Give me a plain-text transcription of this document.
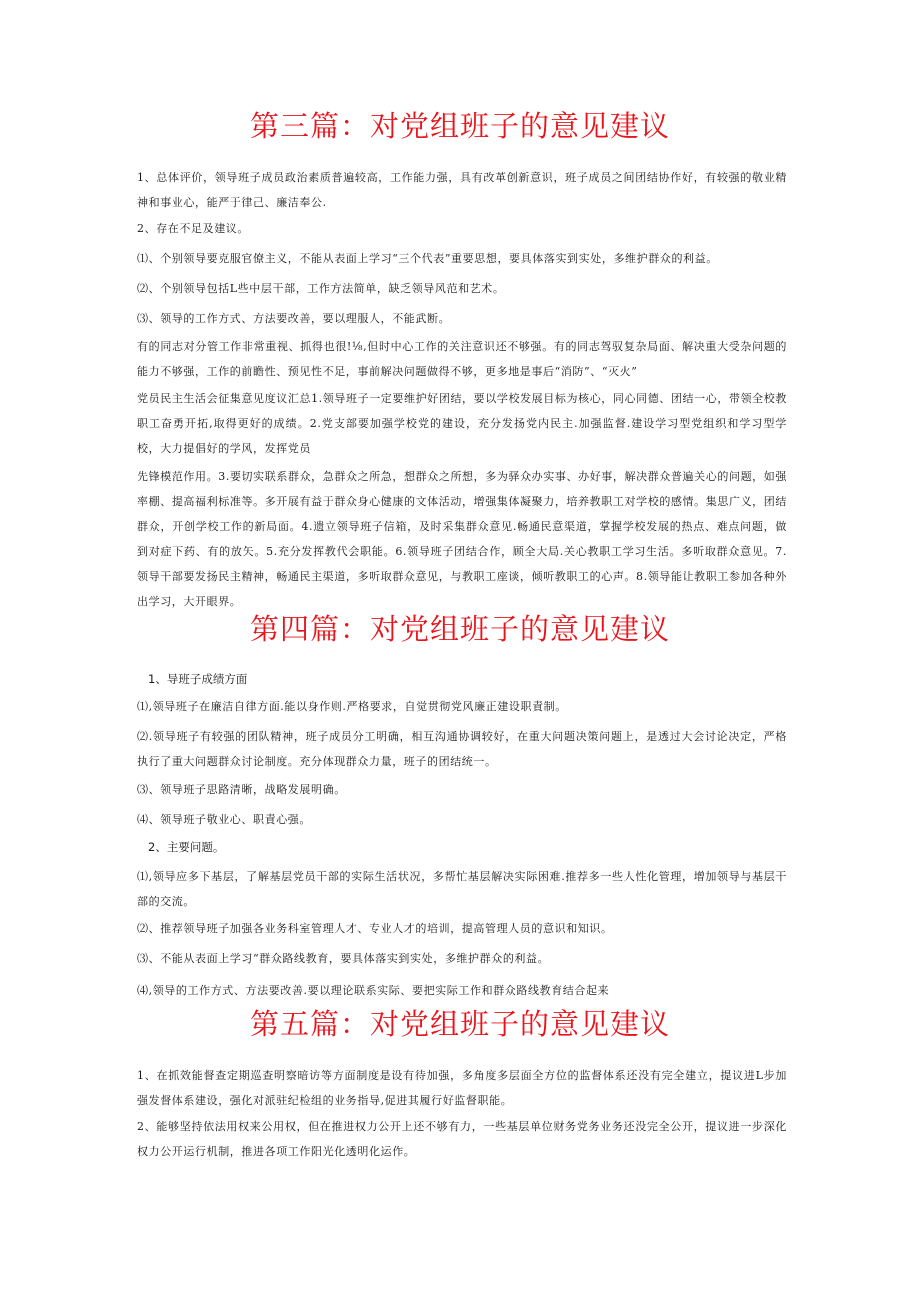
第三篇：对党组班子的意见建议
1、总体评价，领导班子成员政治素质普遍较高，工作能力强，具有改革创新意识，班子成员之间团结协作好，有较强的敬业精神和事业心，能严于律己、廉洁奉公.
2、存在不足及建议。
⑴、个别领导要克服官僚主义，不能从表面上学习“三个代表”重要思想，要具体落实到实处，多维护群众的利益。
⑵、个别领导包括L些中层干部，工作方法简单，缺乏领导风范和艺术。
⑶、领导的工作方式、方法要改善，要以理服人，不能武断。
有的同志对分管工作非常重视、抓得也很!⅛,但时中心工作的关注意识还不够强。有的同志驾驭复杂局面、解决重大受杂问题的能力不够强，工作的前瞻性、预见性不足，事前解决问题做得不够，更多地是事后“消防”、“灭火”
党员民主生活会征集意见度议汇总1.领导班子一定要维护好团结，要以学校发展目标为核心，同心同德、团结一心，带领全校教职工奋勇开拓,取得更好的成绩。2.党支部要加强学校党的建设，充分发扬党内民主.加强监督.建设学习型党组织和学习型学校，大力提倡好的学风，发挥党员
先锋模范作用。3.要切实联系群众，急群众之所急，想群众之所想，多为驿众办实事、办好事，解决群众普遍关心的问题，如强率棚、提高福利标准等。多开展有益于群众身心健康的文体活动，增强集体凝聚力，培养教职工对学校的感情。集思广义，团结群众，开创学校工作的新局面。4.遗立领导班子信箱，及时采集群众意见.畅通民意渠道，掌握学校发展的热点、难点问题，做到对症下药、有的放矢。5.充分发挥教代会职能。6.领导班子团结合作，顾全大局.关心教职工学习生活。多听取群众意见。7.领导干部要发扬民主精神，畅通民主渠道，多听取群众意见，与教职工座谈，倾听教职工的心声。8.领导能让教职工参加各种外出学习，大开眼界。
第四篇：对党组班子的意见建议
1、导班子成绩方面
⑴,领导班子在廉洁自律方面.能以身作则.严格要求，自觉贯彻党风廉正建设职責制。
⑵.领导班子有较强的团队精神，班子成员分工明确，相互沟通协调较好，在重大问题决策问题上，是透过大会讨论决定，严格执行了重大问题群众讨论制度。充分体现群众力量，班子的团结统一。
⑶、领导班子思路清晰，战略发展明确。
⑷、领导班子敬业心、职責心强。
2、主要问题。
⑴,领导应多下基层，了解基层党员干部的实际生活状况，多帮忙基层解决实际困难.推荐多一些人性化管理，增加领导与基层干部的交流。
⑵、推荐领导班子加强各业务科室管理人才、专业人才的培训，提高管理人员的意识和知识。
⑶、不能从表面上学习“群众路线教育，要具体落实到实处，多维护群众的利益。
⑷,领导的工作方式、方法要改善.要以理论联系实际、要把实际工作和群众路线教育结合起来
第五篇：对党组班子的意见建议
1、在抓效能督查定期巡查明察暗访等方面制度是设有待加强，多角度多层面全方位的监督体系还没有完全建立，提议进L步加强发督体系建设，强化对派驻纪检组的业务指导,促进其履行好监督职能。
2、能够坚持依法用权来公用权，但在推进权力公开上还不够有力，一些基层单位财务党务业务还没完全公开，提议进一步深化权力公开运行机制，推进各项工作阳光化透明化运作。
